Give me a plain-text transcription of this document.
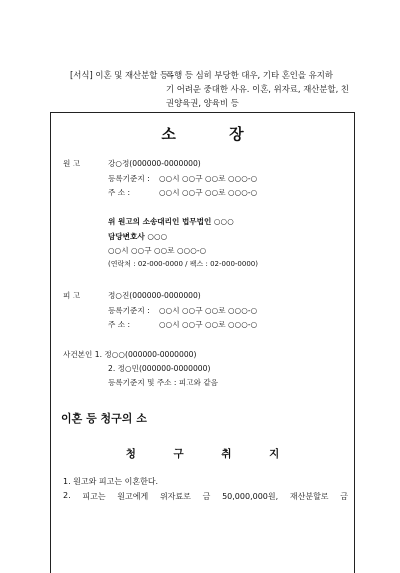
[서식] 이혼 및 재산분할 등 -
폭행 등 심히 부당한 대우, 기타 혼인을 유지하
기 어려운 중대한 사유. 이혼, 위자료, 재산분할, 친권양육권, 양육비 등
소 장
원 고	강○정(000000-0000000)
등록기준지 : ○○시 ○○구 ○○로 ○○○-○
주 소 :	○○시 ○○구 ○○로 ○○○-○
위 원고의 소송대리인 법무법인 ○○○
담당변호사 ○○○
○○시 ○○구 ○○로 ○○○-○
(연락처 : 02-000-0000 / 팩스 : 02-000-0000)
피 고	정○진(000000-0000000)
등록기준지 : ○○시 ○○구 ○○로 ○○○-○
주 소 :	○○시 ○○구 ○○로 ○○○-○
사건본인 1. 정○○(000000-0000000)
2. 정○민(000000-0000000)
등록기준지 및 주소 : 피고와 같음
이혼 등 청구의 소
청 구 취 지
1. 원고와 피고는 이혼한다.
2. 피고는 원고에게 위자료로 금 50,000,000원, 재산분할로 금
